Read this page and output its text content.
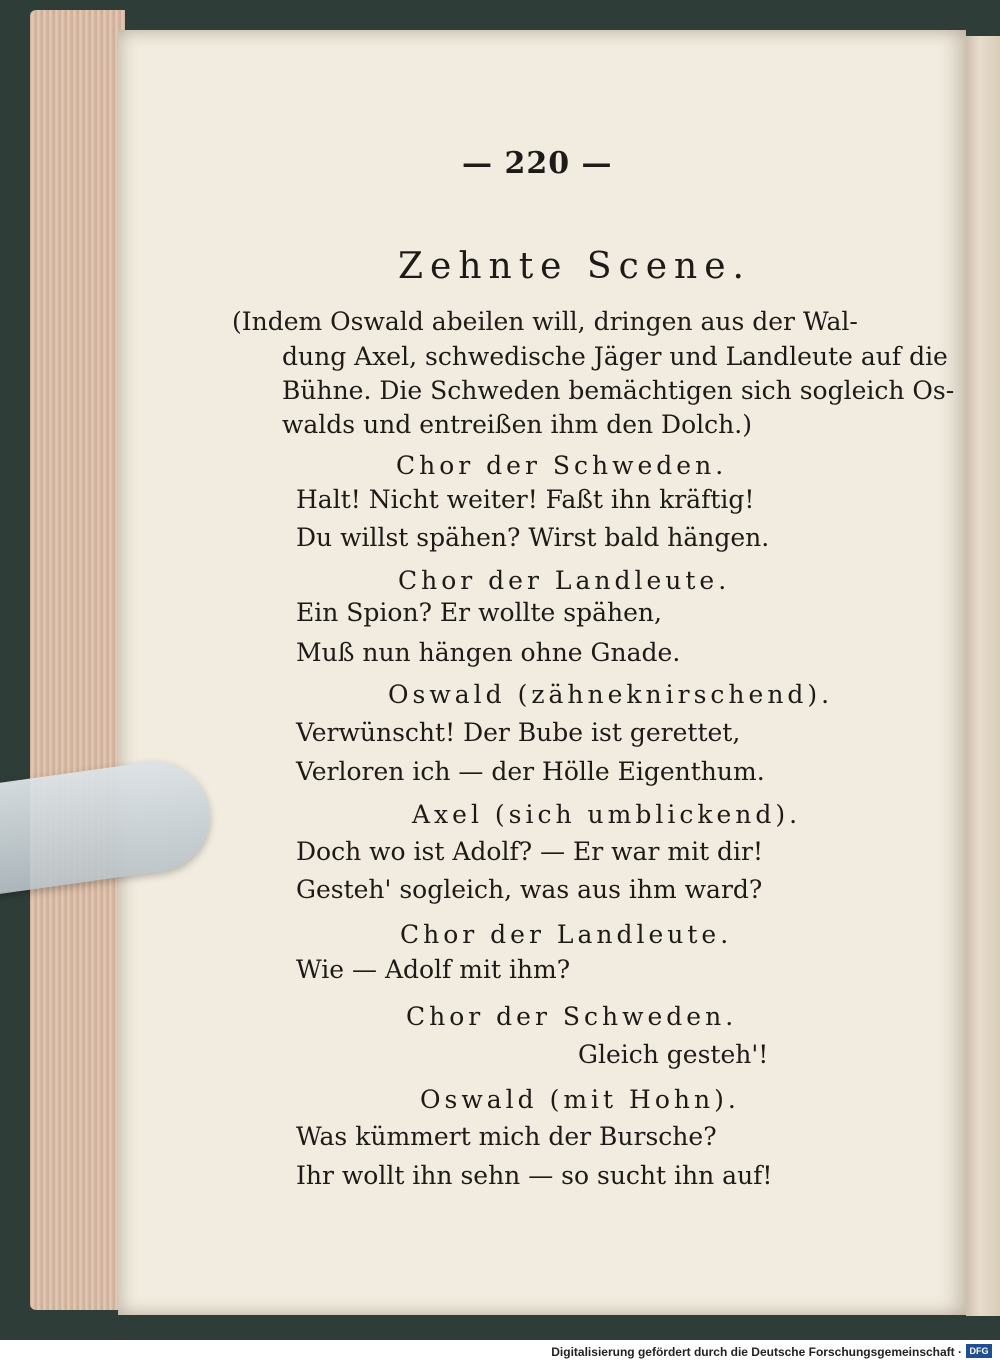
— 220 —
Zehnte Scene.
(Indem Oswald abeilen will, dringen aus der Wal-
dung Axel, schwedische Jäger und Landleute auf die
Bühne. Die Schweden bemächtigen sich sogleich Os-
walds und entreißen ihm den Dolch.)
Chor der Schweden.
Halt! Nicht weiter! Faßt ihn kräftig!
Du willst spähen? Wirst bald hängen.
Chor der Landleute.
Ein Spion? Er wollte spähen,
Muß nun hängen ohne Gnade.
Oswald (zähneknirschend).
Verwünscht! Der Bube ist gerettet,
Verloren ich — der Hölle Eigenthum.
Axel (sich umblickend).
Doch wo ist Adolf? — Er war mit dir!
Gesteh' sogleich, was aus ihm ward?
Chor der Landleute.
Wie — Adolf mit ihm?
Chor der Schweden.
Gleich gesteh'!
Oswald (mit Hohn).
Was kümmert mich der Bursche?
Ihr wollt ihn sehn — so sucht ihn auf!
Digitalisierung gefördert durch die Deutsche Forschungsgemeinschaft · DFG
